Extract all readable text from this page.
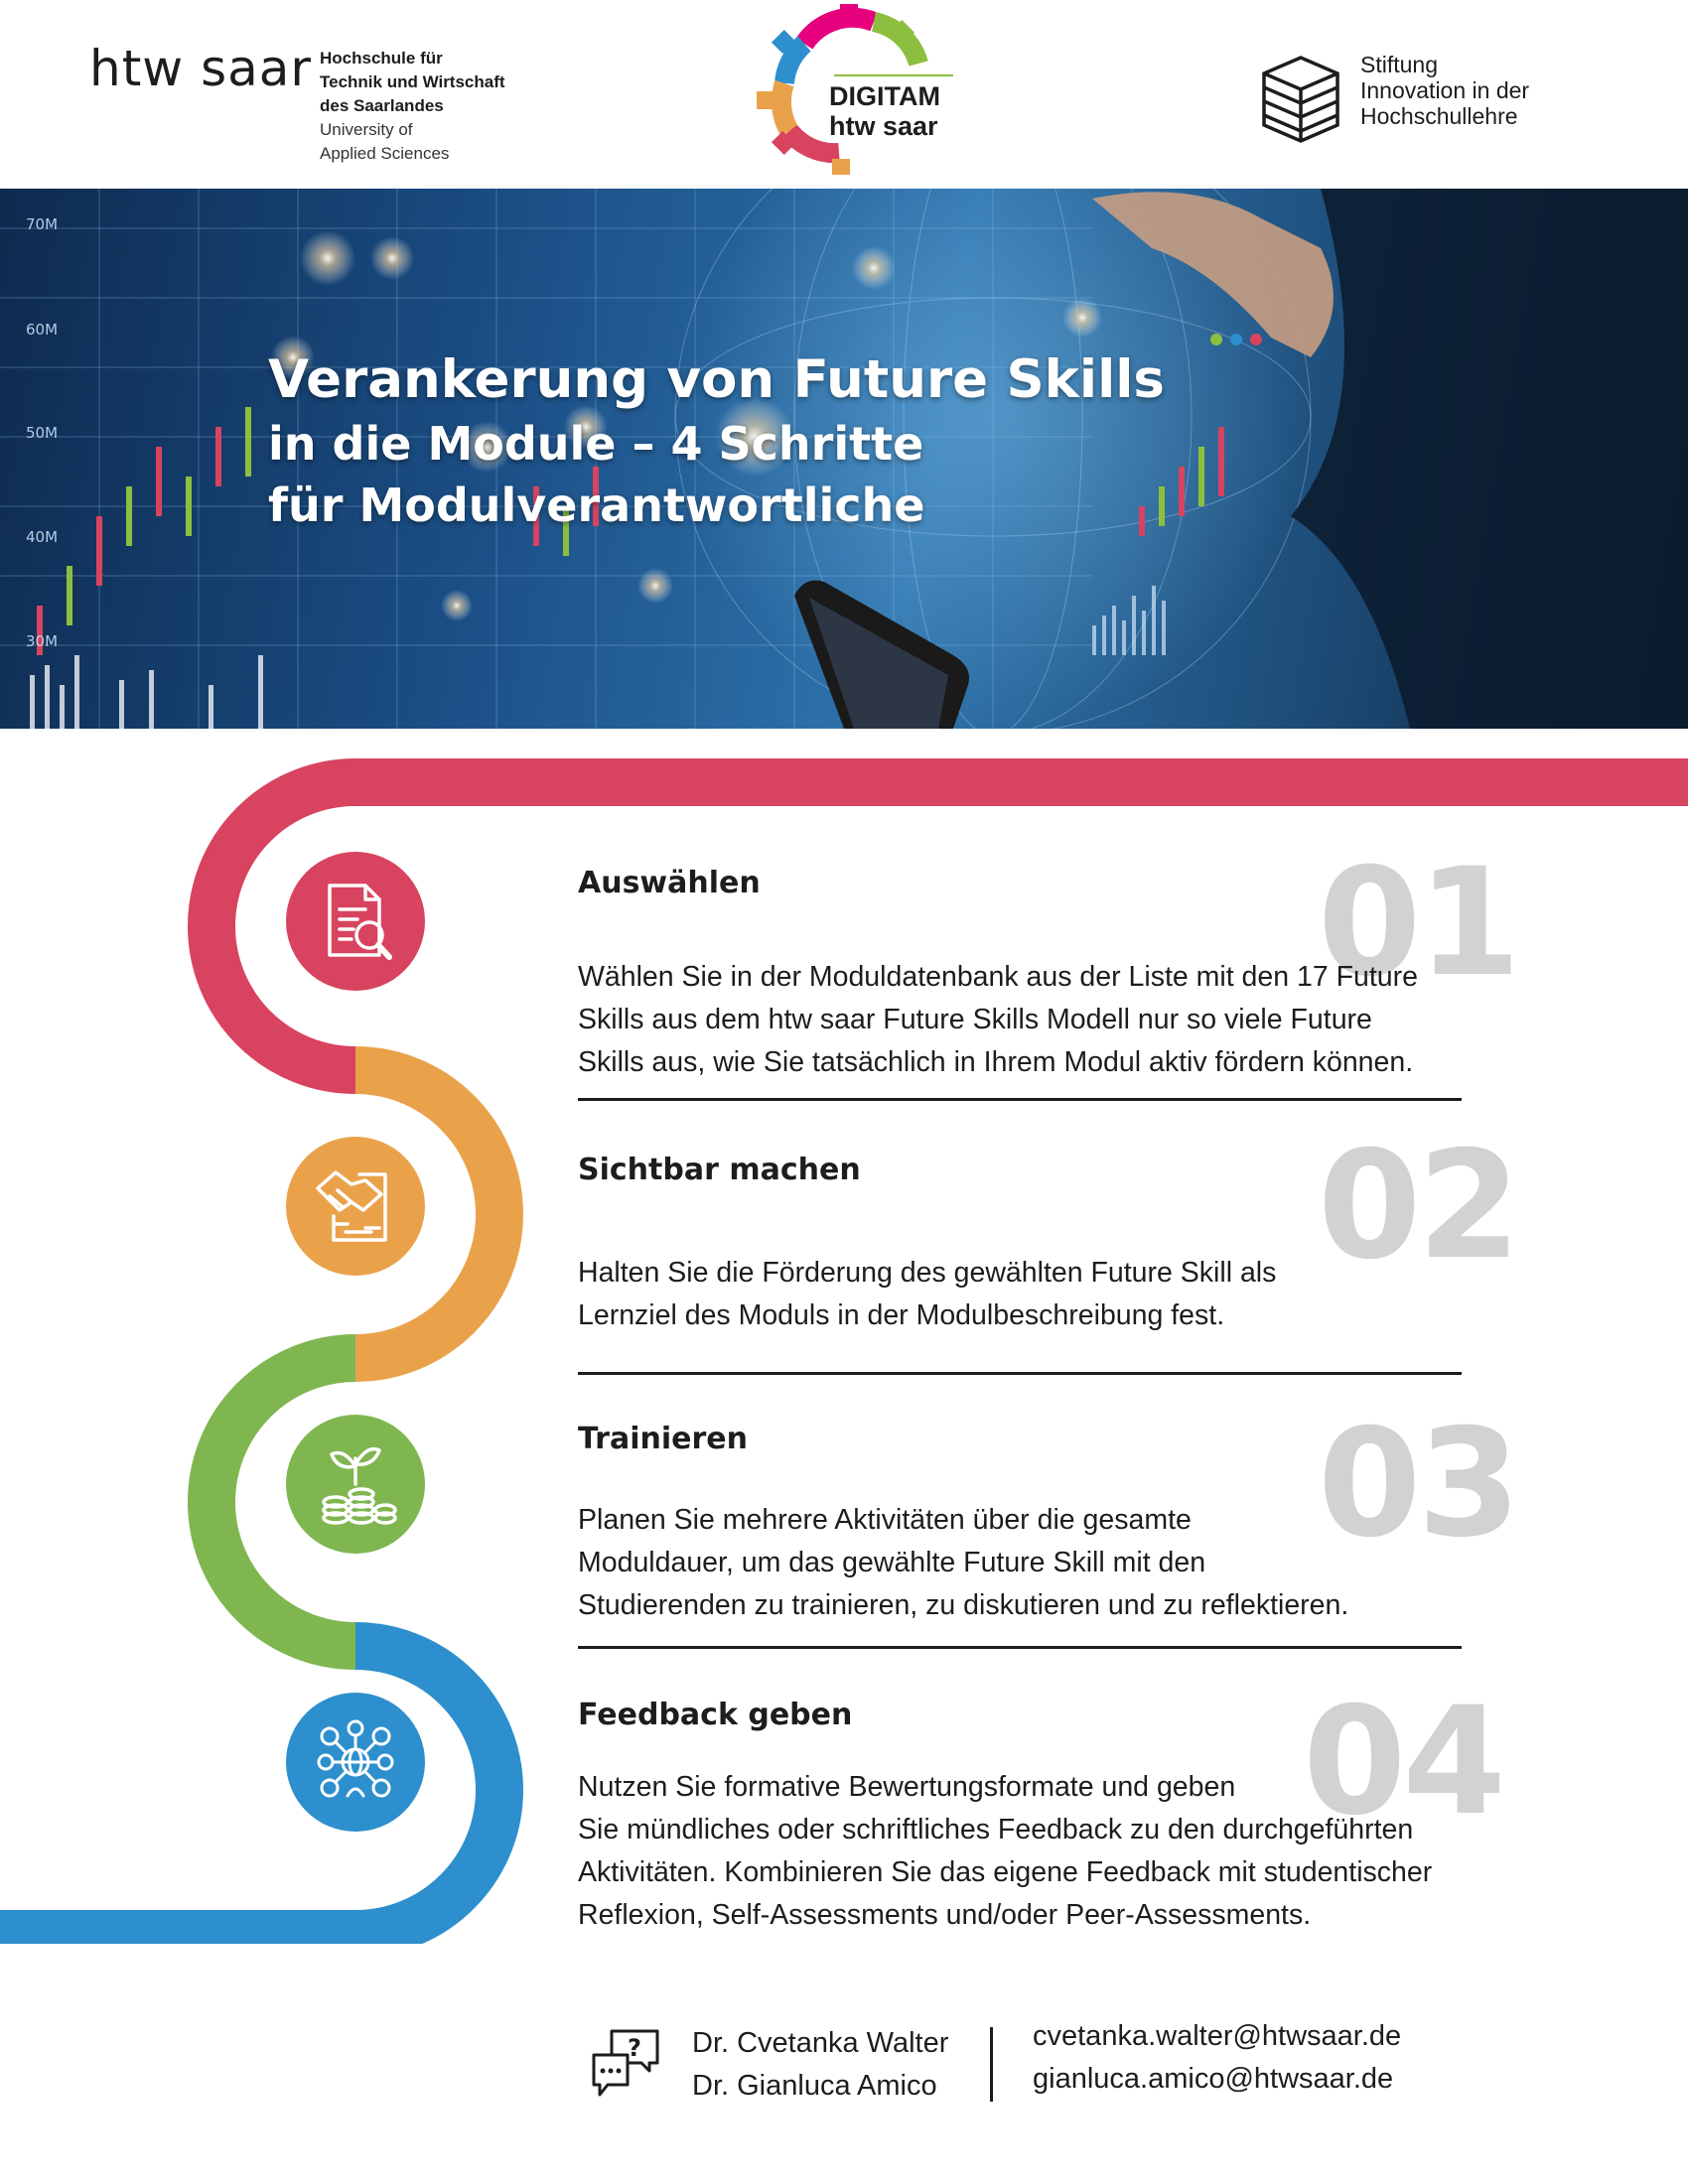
htw saar Hochschule für
Technik und Wirtschaft
des Saarlandes
University of
Applied Sciences
DIGITAM
htw saar
Stiftung
Innovation in der
Hochschullehre
70M
60M
50M
40M
30M
Verankerung von Future Skills
in die Module – 4 Schritte
für Modulverantwortliche
01
Auswählen
Wählen Sie in der Moduldatenbank aus der Liste mit den 17 Future
Skills aus dem htw saar Future Skills Modell nur so viele Future
Skills aus, wie Sie tatsächlich in Ihrem Modul aktiv fördern können.
02
Sichtbar machen
Halten Sie die Förderung des gewählten Future Skill als
Lernziel des Moduls in der Modulbeschreibung fest.
03
Trainieren
Planen Sie mehrere Aktivitäten über die gesamte
Moduldauer, um das gewählte Future Skill mit den
Studierenden zu trainieren, zu diskutieren und zu reflektieren.
04
Feedback geben
Nutzen Sie formative Bewertungsformate und geben
Sie mündliches oder schriftliches Feedback zu den durchgeführten
Aktivitäten. Kombinieren Sie das eigene Feedback mit studentischer
Reflexion, Self-Assessments und/oder Peer-Assessments.
? Dr. Cvetanka Walter
Dr. Gianluca Amico
cvetanka.walter@htwsaar.de
gianluca.amico@htwsaar.de
